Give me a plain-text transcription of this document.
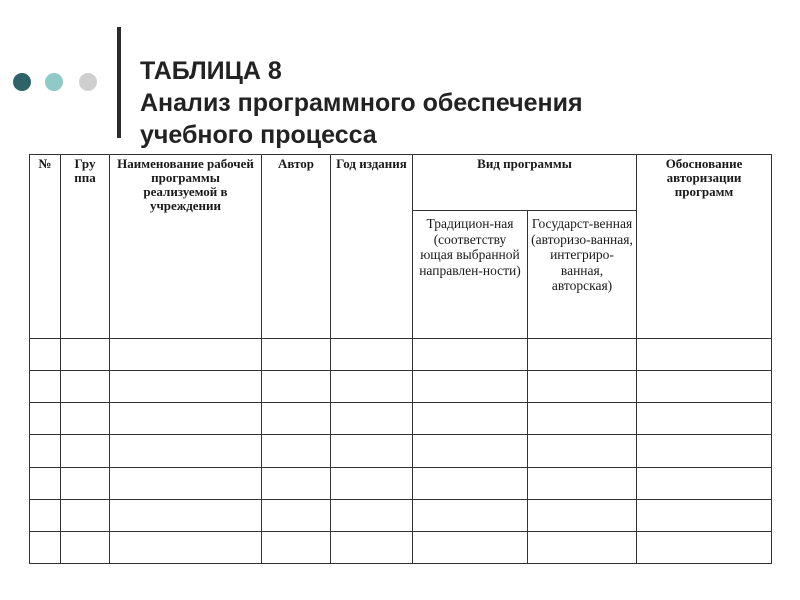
ТАБЛИЦА 8
Анализ программного обеспечения
учебного процесса
№	Гру ппа	Наименование рабочей программы реализуемой в учреждении	Автор	Год издания	Вид программы		Обоснование авторизации программ
					Традицион-ная (соответству ющая выбранной направлен-ности)	Государст-венная (авторизо-ванная, интегриро-ванная, авторская)	
